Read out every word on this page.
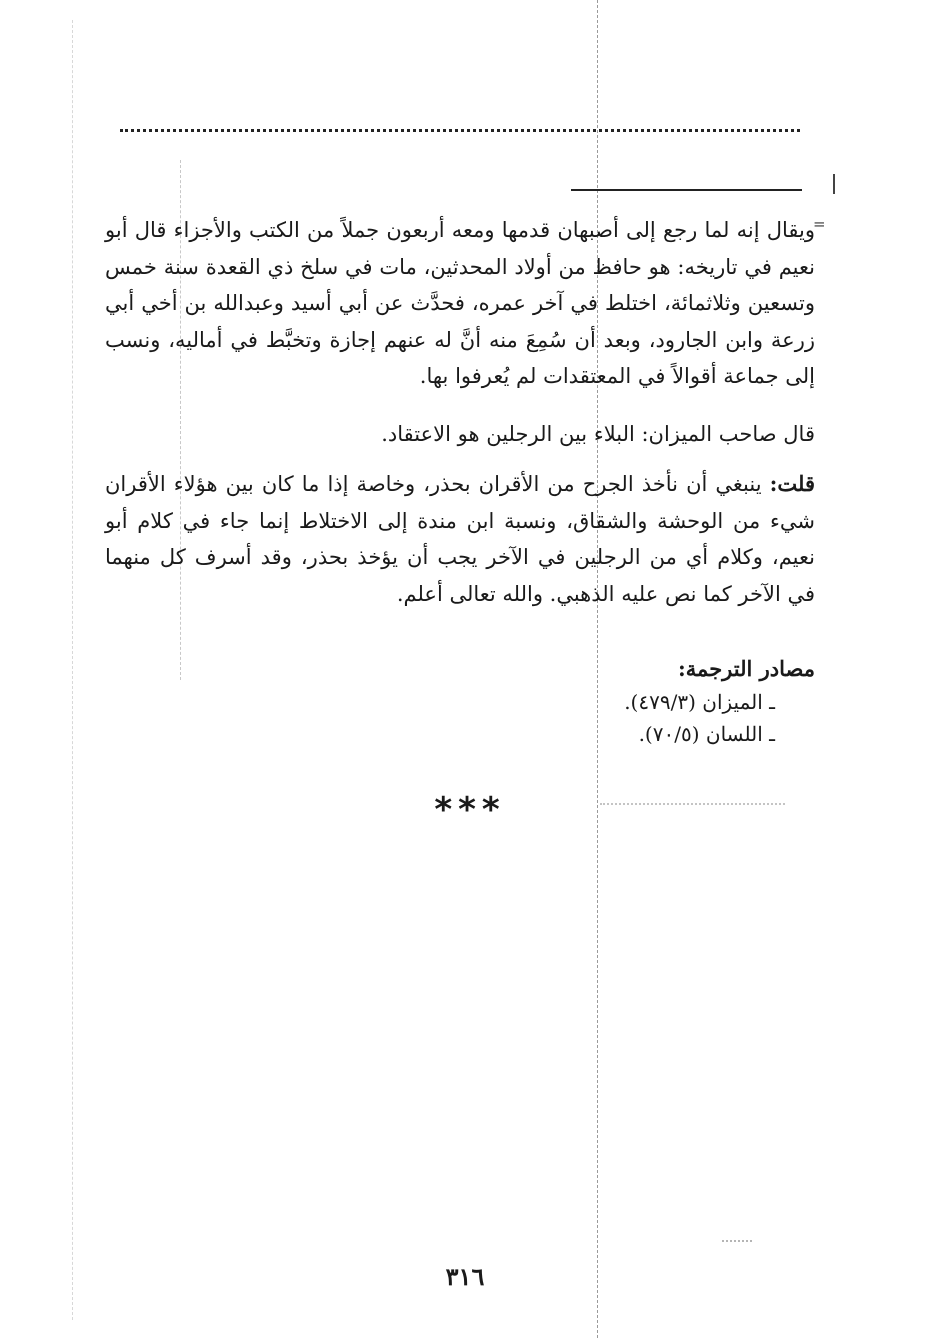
=
ويقال إنه لما رجع إلى أصبهان قدمها ومعه أربعون جملاً من الكتب والأجزاء قال أبو نعيم في تاريخه: هو حافظ من أولاد المحدثين، مات في سلخ ذي القعدة سنة خمس وتسعين وثلاثمائة، اختلط في آخر عمره، فحدَّث عن أبي أسيد وعبدالله بن أخي أبي زرعة وابن الجارود، وبعد أن سُمِعَ منه أنَّ له عنهم إجازة وتخبَّط في أماليه، ونسب إلى جماعة أقوالاً في المعتقدات لم يُعرفوا بها.
قال صاحب الميزان: البلاء بين الرجلين هو الاعتقاد.
قلت: ينبغي أن نأخذ الجرح من الأقران بحذر، وخاصة إذا ما كان بين هؤلاء الأقران شيء من الوحشة والشقاق، ونسبة ابن مندة إلى الاختلاط إنما جاء في كلام أبو نعيم، وكلام أي من الرجلين في الآخر يجب أن يؤخذ بحذر، وقد أسرف كل منهما في الآخر كما نص عليه الذهبي. والله تعالى أعلم.
مصادر الترجمة:
ـ الميزان (٤٧٩/٣).
ـ اللسان (٧٠/٥).
***
٣١٦
